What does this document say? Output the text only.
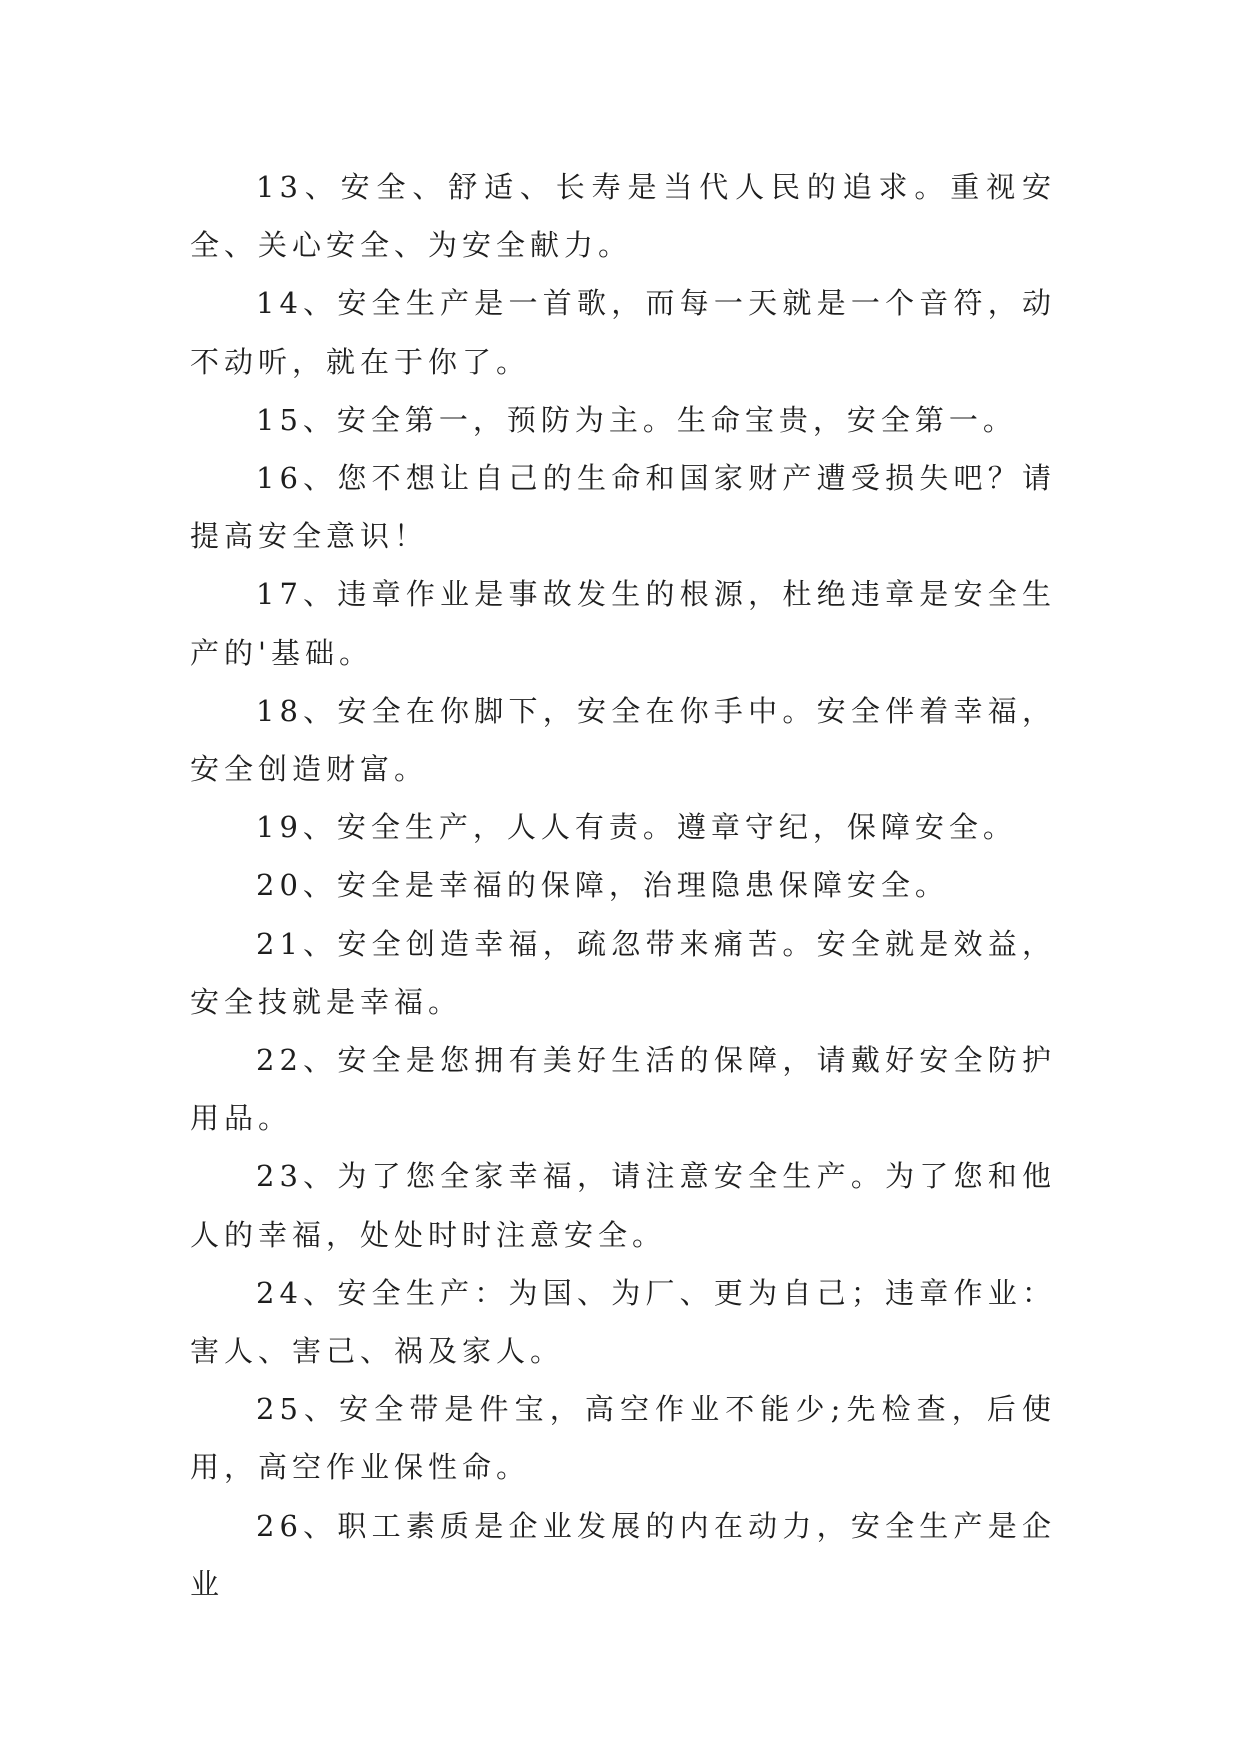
13、安全、舒适、长寿是当代人民的追求。重视安全、关心安全、为安全献力。

14、安全生产是一首歌，而每一天就是一个音符，动不动听，就在于你了。

15、安全第一，预防为主。生命宝贵，安全第一。

16、您不想让自己的生命和国家财产遭受损失吧？请提高安全意识！

17、违章作业是事故发生的根源，杜绝违章是安全生产的'基础。

18、安全在你脚下，安全在你手中。安全伴着幸福，安全创造财富。

19、安全生产，人人有责。遵章守纪，保障安全。

20、安全是幸福的保障，治理隐患保障安全。

21、安全创造幸福，疏忽带来痛苦。安全就是效益，安全技就是幸福。

22、安全是您拥有美好生活的保障，请戴好安全防护用品。

23、为了您全家幸福，请注意安全生产。为了您和他人的幸福，处处时时注意安全。

24、安全生产：为国、为厂、更为自己；违章作业：害人、害己、祸及家人。

25、安全带是件宝，高空作业不能少;先检查，后使用，高空作业保性命。

26、职工素质是企业发展的内在动力，安全生产是企业
